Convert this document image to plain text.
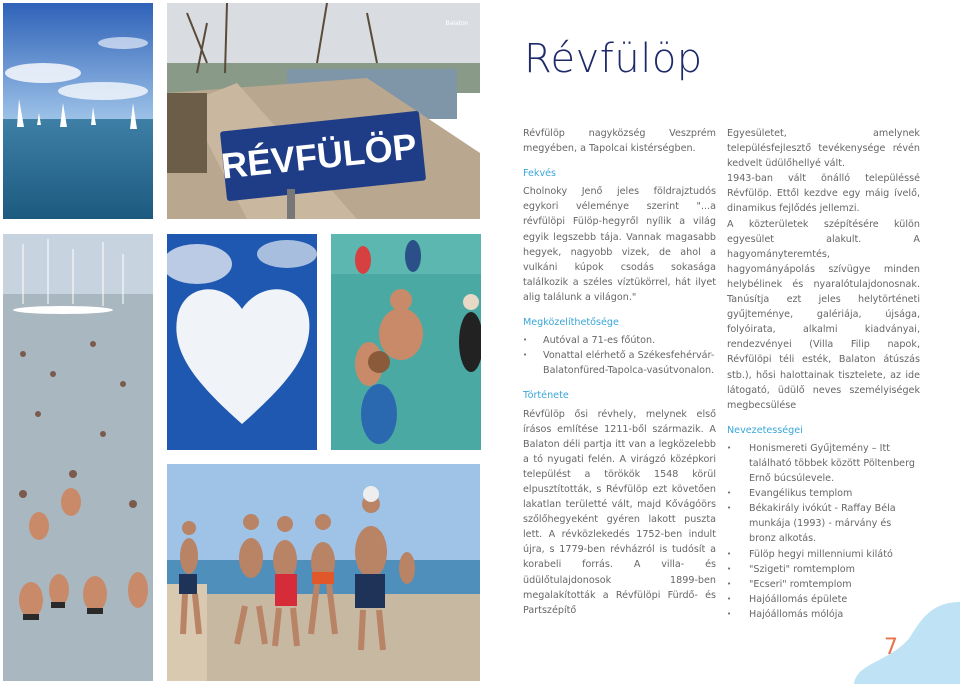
RÉVFÜLÖP
Balaton
Révfülöp

Révfülöp nagyközség Veszprém megyében, a Tapolcai kistérségben.

Fekvés

Cholnoky Jenő jeles földrajztudós egykori véleménye szerint "...a révfülöpi Fülöp-hegyről nyílik a világ egyik legszebb tája. Vannak magasabb hegyek, nagyobb vizek, de ahol a vulkáni kúpok csodás sokasága találkozik a széles víztükörrel, hát ilyet alig találunk a világon."

Megközelíthetősége
• Autóval a 71-es főúton.
• Vonattal elérhető a Székesfehérvár-Balatonfüred-Tapolca-vasútvonalon.
Története

Révfülöp ősi révhely, melynek első írásos említése 1211-ből származik. A Balaton déli partja itt van a legközelebb a tó nyugati felén. A virágzó középkori települést a törökök 1548 körül elpusztították, s Révfülöp ezt követően lakatlan területté vált, majd Kővágóörs szőlőhegyeként gyéren lakott puszta lett. A révközlekedés 1752-ben indult újra, s 1779-ben révházról is tudósít a korabeli forrás. A villa- és üdülőtulajdonosok 1899-ben megalakították a Révfülöpi Fürdő- és Partszépítő

Egyesületet, amelynek településfejlesztő tevékenysége révén kedvelt üdülőhellyé vált.

1943-ban vált önálló településsé Révfülöp. Ettől kezdve egy máig ívelő, dinamikus fejlődés jellemzi.

A közterületek szépítésére külön egyesület alakult. A hagyományteremtés, hagyományápolás szívügye minden helybélinek és nyaralótulajdonosnak. Tanúsítja ezt jeles helytörténeti gyűjteménye, galériája, újsága, folyóirata, alkalmi kiadványai, rendezvényei (Villa Filip napok, Révfülöpi téli esték, Balaton átúszás stb.), hősi halottainak tisztelete, az ide látogató, üdülő neves személyiségek megbecsülése

Nevezetességei
• Honismereti Gyűjtemény – Itt található többek között Pöltenberg Ernő búcsúlevele.
• Evangélikus templom
• Békakirály ivókút - Raffay Béla munkája (1993) - márvány és bronz alkotás.
• Fülöp hegyi millenniumi kilátó
• "Szigeti" romtemplom
• "Ecseri" romtemplom
• Hajóállomás épülete
• Hajóállomás mólója
7
